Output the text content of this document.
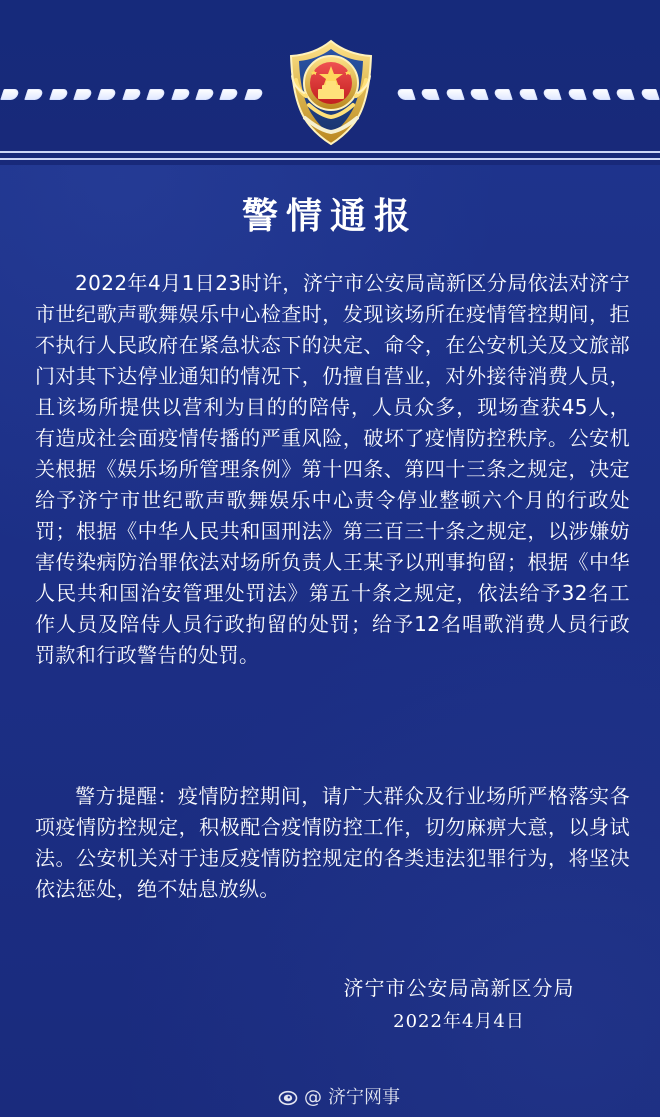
警情通报
2022年4月1日23时许，济宁市公安局高新区分局依法对济宁市世纪歌声歌舞娱乐中心检查时，发现该场所在疫情管控期间，拒不执行人民政府在紧急状态下的决定、命令，在公安机关及文旅部门对其下达停业通知的情况下，仍擅自营业，对外接待消费人员，且该场所提供以营利为目的的陪侍，人员众多，现场查获45人，有造成社会面疫情传播的严重风险，破坏了疫情防控秩序。公安机关根据《娱乐场所管理条例》第十四条、第四十三条之规定，决定给予济宁市世纪歌声歌舞娱乐中心责令停业整顿六个月的行政处罚；根据《中华人民共和国刑法》第三百三十条之规定，以涉嫌妨害传染病防治罪依法对场所负责人王某予以刑事拘留；根据《中华人民共和国治安管理处罚法》第五十条之规定，依法给予32名工作人员及陪侍人员行政拘留的处罚；给予12名唱歌消费人员行政罚款和行政警告的处罚。
警方提醒：疫情防控期间，请广大群众及行业场所严格落实各项疫情防控规定，积极配合疫情防控工作，切勿麻痹大意，以身试法。公安机关对于违反疫情防控规定的各类违法犯罪行为，将坚决依法惩处，绝不姑息放纵。
济宁市公安局高新区分局
2022年4月4日
@ 济宁网事
